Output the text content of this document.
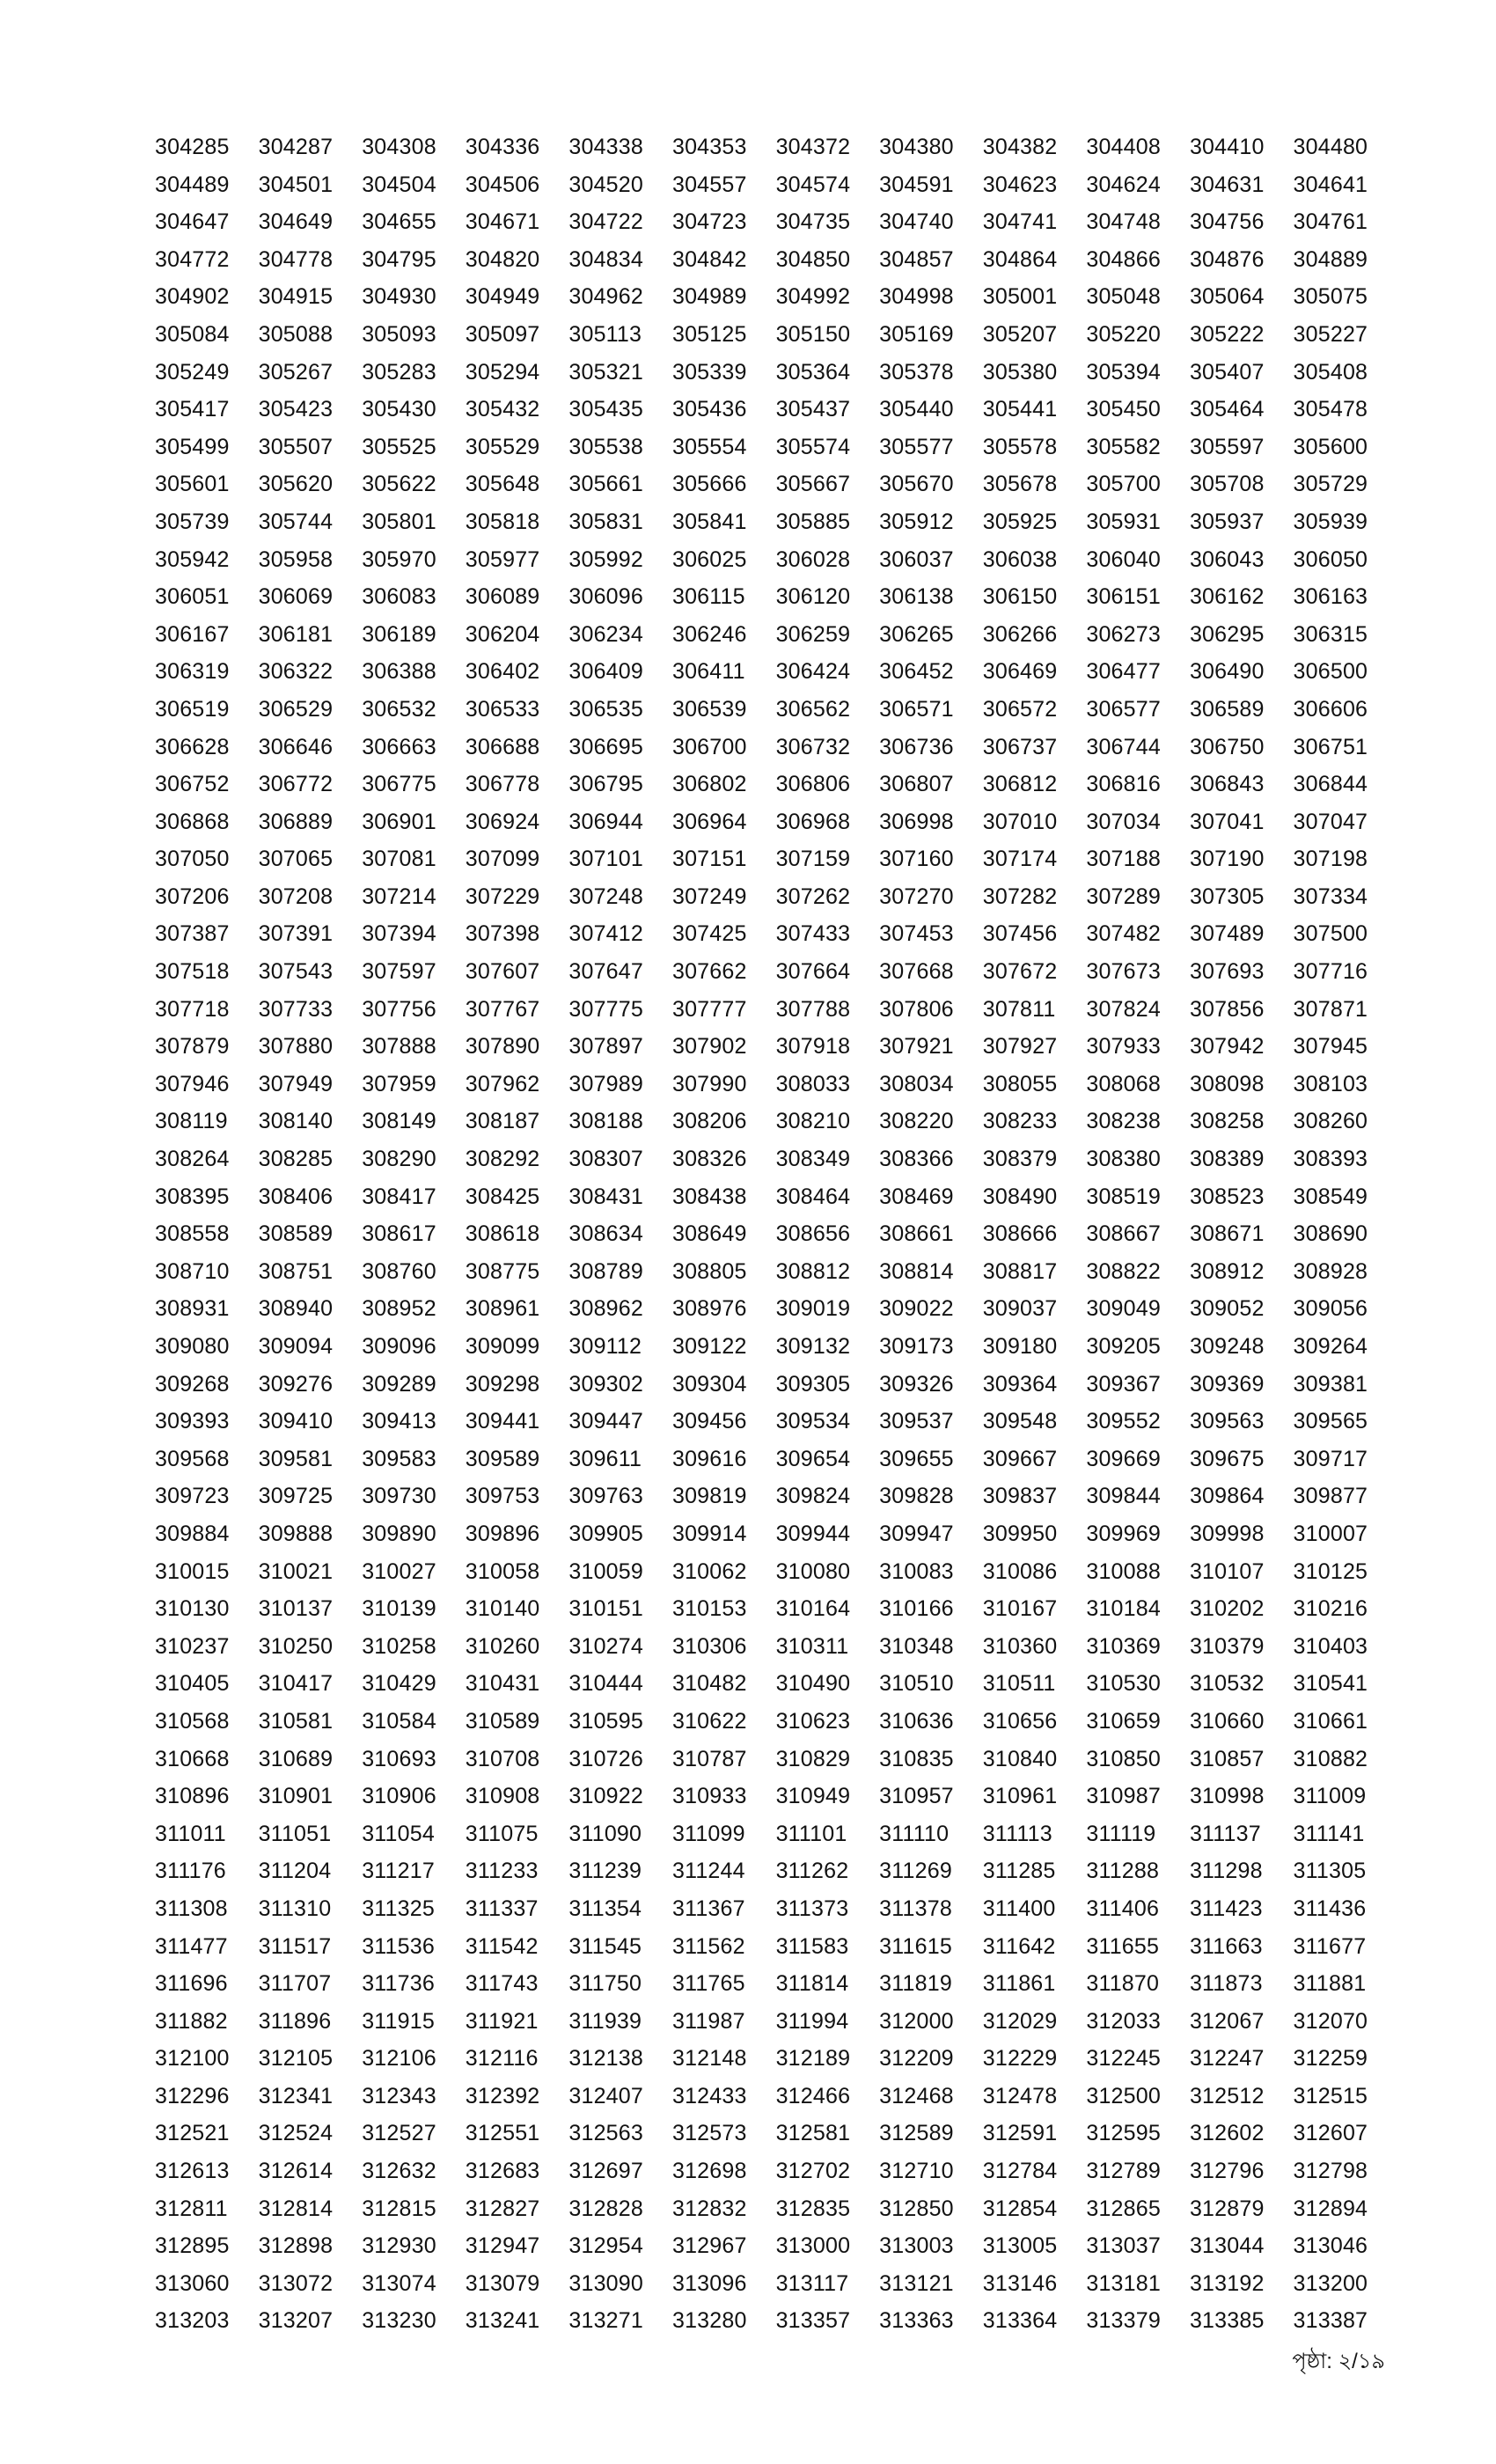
304285	304287	304308	304336	304338	304353	304372	304380	304382	304408	304410	304480
304489	304501	304504	304506	304520	304557	304574	304591	304623	304624	304631	304641
304647	304649	304655	304671	304722	304723	304735	304740	304741	304748	304756	304761
304772	304778	304795	304820	304834	304842	304850	304857	304864	304866	304876	304889
304902	304915	304930	304949	304962	304989	304992	304998	305001	305048	305064	305075
305084	305088	305093	305097	305113	305125	305150	305169	305207	305220	305222	305227
305249	305267	305283	305294	305321	305339	305364	305378	305380	305394	305407	305408
305417	305423	305430	305432	305435	305436	305437	305440	305441	305450	305464	305478
305499	305507	305525	305529	305538	305554	305574	305577	305578	305582	305597	305600
305601	305620	305622	305648	305661	305666	305667	305670	305678	305700	305708	305729
305739	305744	305801	305818	305831	305841	305885	305912	305925	305931	305937	305939
305942	305958	305970	305977	305992	306025	306028	306037	306038	306040	306043	306050
306051	306069	306083	306089	306096	306115	306120	306138	306150	306151	306162	306163
306167	306181	306189	306204	306234	306246	306259	306265	306266	306273	306295	306315
306319	306322	306388	306402	306409	306411	306424	306452	306469	306477	306490	306500
306519	306529	306532	306533	306535	306539	306562	306571	306572	306577	306589	306606
306628	306646	306663	306688	306695	306700	306732	306736	306737	306744	306750	306751
306752	306772	306775	306778	306795	306802	306806	306807	306812	306816	306843	306844
306868	306889	306901	306924	306944	306964	306968	306998	307010	307034	307041	307047
307050	307065	307081	307099	307101	307151	307159	307160	307174	307188	307190	307198
307206	307208	307214	307229	307248	307249	307262	307270	307282	307289	307305	307334
307387	307391	307394	307398	307412	307425	307433	307453	307456	307482	307489	307500
307518	307543	307597	307607	307647	307662	307664	307668	307672	307673	307693	307716
307718	307733	307756	307767	307775	307777	307788	307806	307811	307824	307856	307871
307879	307880	307888	307890	307897	307902	307918	307921	307927	307933	307942	307945
307946	307949	307959	307962	307989	307990	308033	308034	308055	308068	308098	308103
308119	308140	308149	308187	308188	308206	308210	308220	308233	308238	308258	308260
308264	308285	308290	308292	308307	308326	308349	308366	308379	308380	308389	308393
308395	308406	308417	308425	308431	308438	308464	308469	308490	308519	308523	308549
308558	308589	308617	308618	308634	308649	308656	308661	308666	308667	308671	308690
308710	308751	308760	308775	308789	308805	308812	308814	308817	308822	308912	308928
308931	308940	308952	308961	308962	308976	309019	309022	309037	309049	309052	309056
309080	309094	309096	309099	309112	309122	309132	309173	309180	309205	309248	309264
309268	309276	309289	309298	309302	309304	309305	309326	309364	309367	309369	309381
309393	309410	309413	309441	309447	309456	309534	309537	309548	309552	309563	309565
309568	309581	309583	309589	309611	309616	309654	309655	309667	309669	309675	309717
309723	309725	309730	309753	309763	309819	309824	309828	309837	309844	309864	309877
309884	309888	309890	309896	309905	309914	309944	309947	309950	309969	309998	310007
310015	310021	310027	310058	310059	310062	310080	310083	310086	310088	310107	310125
310130	310137	310139	310140	310151	310153	310164	310166	310167	310184	310202	310216
310237	310250	310258	310260	310274	310306	310311	310348	310360	310369	310379	310403
310405	310417	310429	310431	310444	310482	310490	310510	310511	310530	310532	310541
310568	310581	310584	310589	310595	310622	310623	310636	310656	310659	310660	310661
310668	310689	310693	310708	310726	310787	310829	310835	310840	310850	310857	310882
310896	310901	310906	310908	310922	310933	310949	310957	310961	310987	310998	311009
311011	311051	311054	311075	311090	311099	311101	311110	311113	311119	311137	311141
311176	311204	311217	311233	311239	311244	311262	311269	311285	311288	311298	311305
311308	311310	311325	311337	311354	311367	311373	311378	311400	311406	311423	311436
311477	311517	311536	311542	311545	311562	311583	311615	311642	311655	311663	311677
311696	311707	311736	311743	311750	311765	311814	311819	311861	311870	311873	311881
311882	311896	311915	311921	311939	311987	311994	312000	312029	312033	312067	312070
312100	312105	312106	312116	312138	312148	312189	312209	312229	312245	312247	312259
312296	312341	312343	312392	312407	312433	312466	312468	312478	312500	312512	312515
312521	312524	312527	312551	312563	312573	312581	312589	312591	312595	312602	312607
312613	312614	312632	312683	312697	312698	312702	312710	312784	312789	312796	312798
312811	312814	312815	312827	312828	312832	312835	312850	312854	312865	312879	312894
312895	312898	312930	312947	312954	312967	313000	313003	313005	313037	313044	313046
313060	313072	313074	313079	313090	313096	313117	313121	313146	313181	313192	313200
313203	313207	313230	313241	313271	313280	313357	313363	313364	313379	313385	313387
পৃষ্ঠা: ২/১৯
